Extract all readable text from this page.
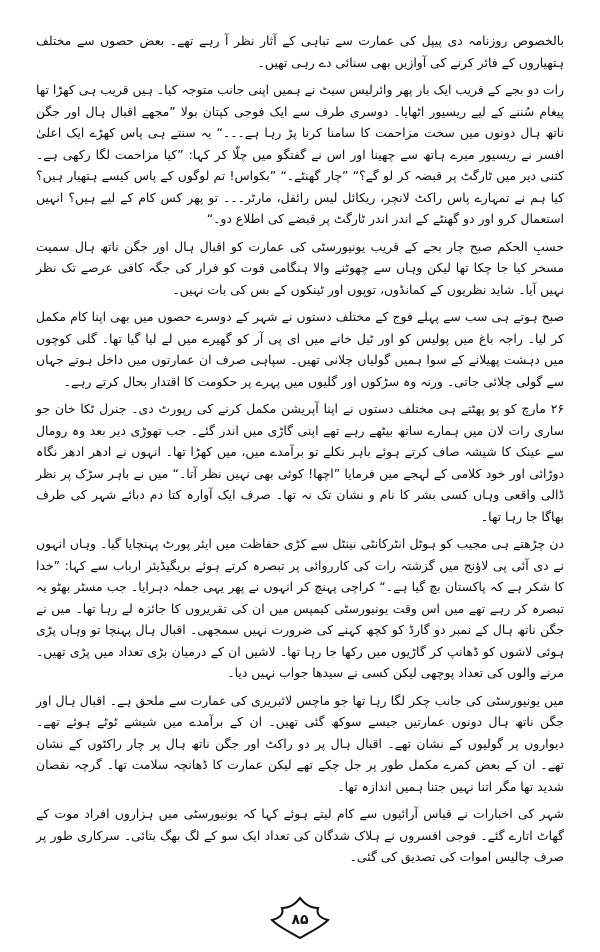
بالخصوص روزنامہ دی پیپل کی عمارت سے تباہی کے آثار نظر آ رہے تھے۔ بعض حصوں سے مختلف ہتھیاروں کے فائر کرنے کی آوازیں بھی سنائی دے رہی تھیں۔

رات دو بجے کے قریب ایک بار پھر وائرلیس سیٹ نے ہمیں اپنی جانب متوجہ کیا۔ ہیں قریب ہی کھڑا تھا پیغام سُننے کے لیے ریسیور اٹھایا۔ دوسری طرف سے ایک فوجی کپتان بولا ”مجھے اقبال ہال اور جگن ناتھ ہال دونوں میں سخت مزاحمت کا سامنا کرنا پڑ رہا ہے۔۔۔“ یہ سنتے ہی پاس کھڑے ایک اعلیٰ افسر نے ریسیور میرے ہاتھ سے چھینا اور اس نے گفتگو میں چلّا کر کہا: ”کیا مزاحمت لگا رکھی ہے۔ کتنی دیر میں ٹارگٹ پر قبضہ کر لو گے؟“ ”چار گھنٹے۔“ ”بکواس! تم لوگوں کے پاس کیسے ہتھیار ہیں؟ کیا ہم نے تمہارے پاس راکٹ لانچر، ریکائل لیس رائفل، مارٹر۔۔۔ تو پھر کس کام کے لیے ہیں؟ انہیں استعمال کرو اور دو گھنٹے کے اندر اندر ٹارگٹ پر قبضے کی اطلاع دو۔“

حسبِ الحکم صبح چار بجے کے قریب یونیورسٹی کی عمارت کو اقبال ہال اور جگن ناتھ ہال سمیت مسخر کیا جا چکا تھا لیکن وہاں سے چھوٹنے والا ہنگامی قوت کو فرار کی جگہ کافی عرصے تک نظر نہیں آیا۔ شاید نظریوں کے کمانڈوں، توپوں اور ٹینکوں کے بس کی بات نہیں۔

صبح ہوتے ہی سب سے پہلے فوج کے مختلف دستوں نے شہر کے دوسرے حصوں میں بھی اپنا کام مکمل کر لیا۔ راجہ باغ میں پولیس کو اور ٹیل خانے میں ای پی آر کو گھیرے میں لے لیا گیا تھا۔ گلی کوچوں میں دہشت پھیلانے کے سوا ہمیں گولیاں چلانی تھیں۔ سپاہی صرف ان عمارتوں میں داخل ہوتے جہاں سے گولی چلائی جاتی۔ ورنہ وہ سڑکوں اور گلیوں میں پہرے پر حکومت کا اقتدار بحال کرتے رہے۔

۲۶ مارچ کو پو پھٹتے ہی مختلف دستوں نے اپنا آپریشن مکمل کرنے کی رپورٹ دی۔ جنرل ٹکا خان جو ساری رات لان میں ہمارے ساتھ بیٹھے رہے تھے اپنی گاڑی میں اندر گئے۔ جب تھوڑی دیر بعد وہ رومال سے عینک کا شیشہ صاف کرتے ہوئے باہر نکلے تو برآمدے میں، میں کھڑا تھا۔ انہوں نے ادھر ادھر نگاہ دوڑائی اور خود کلامی کے لہجے میں فرمایا ”اچھا! کوئی بھی نہیں نظر آتا۔“ میں نے باہر سڑک پر نظر ڈالی واقعی وہاں کسی بشر کا نام و نشان تک نہ تھا۔ صرف ایک آوارہ کتا دم دبائے شہر کی طرف بھاگا جا رہا تھا۔

دن چڑھتے ہی مجیب کو ہوٹل انٹرکانٹی نینٹل سے کڑی حفاظت میں ایئر پورٹ پہنچایا گیا۔ وہاں انہوں نے دی آئی پی لاؤنج میں گزشتہ رات کی کارروائی پر تبصرہ کرتے ہوئے بریگیڈیئر ارباب سے کہا: ”خدا کا شکر ہے کہ پاکستان بچ گیا ہے۔“ کراچی پہنچ کر انہوں نے پھر یہی جملہ دہرایا۔ جب مسٹر بھٹو یہ تبصرہ کر رہے تھے میں اس وقت یونیورسٹی کیمپس میں ان کی تقریروں کا جائزہ لے رہا تھا۔ میں نے جگن ناتھ ہال کے نمبر دو گارڈ کو کچھ کہنے کی ضرورت نہیں سمجھی۔ اقبال ہال پہنچا تو وہاں پڑی ہوئی لاشوں کو ڈھانپ کر گاڑیوں میں رکھا جا رہا تھا۔ لاشیں ان کے درمیان بڑی تعداد میں پڑی تھیں۔ مرنے والوں کی تعداد پوچھی لیکن کسی نے سیدھا جواب نہیں دیا۔

میں یونیورسٹی کی جانب چکر لگا رہا تھا جو ماچس لائبریری کی عمارت سے ملحق ہے۔ اقبال ہال اور جگن ناتھ ہال دونوں عمارتیں جیسے سوکھ گئی تھیں۔ ان کے برآمدے میں شیشے ٹوٹے ہوئے تھے۔ دیواروں پر گولیوں کے نشان تھے۔ اقبال ہال پر دو راکٹ اور جگن ناتھ ہال پر چار راکٹوں کے نشان تھے۔ ان کے بعض کمرے مکمل طور پر جل چکے تھے لیکن عمارت کا ڈھانچہ سلامت تھا۔ گرچہ نقصان شدید تھا مگر اتنا نہیں جتنا ہمیں اندازہ تھا۔

شہر کی اخبارات نے قیاس آرائیوں سے کام لیتے ہوئے کہا کہ یونیورسٹی میں ہزاروں افراد موت کے گھاٹ اتارے گئے۔ فوجی افسروں نے ہلاک شدگان کی تعداد ایک سو کے لگ بھگ بتائی۔ سرکاری طور پر صرف چالیس اموات کی تصدیق کی گئی۔

۸۵
